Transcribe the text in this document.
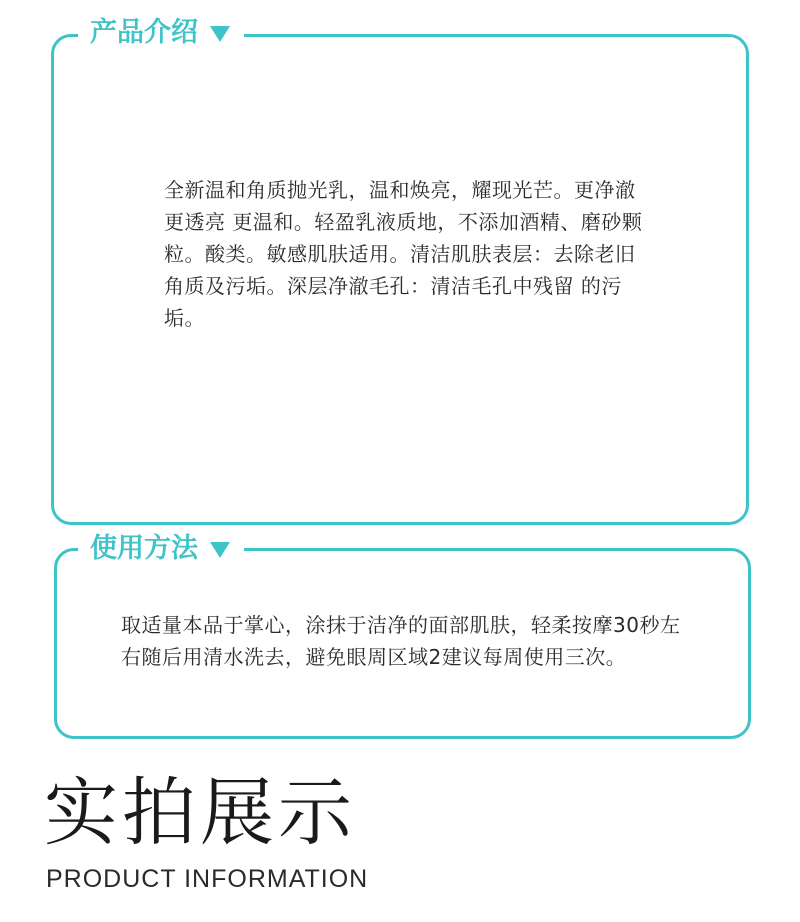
产品介绍
全新温和角质抛光乳，温和焕亮，耀现光芒。更净澈 更透亮 更温和。轻盈乳液质地，不添加酒精、磨砂颗粒。酸类。敏感肌肤适用。清洁肌肤表层：去除老旧角质及污垢。深层净澈毛孔：清洁毛孔中残留 的污垢。
使用方法
取适量本品于掌心，涂抹于洁净的面部肌肤，轻柔按摩30秒左右随后用清水洗去，避免眼周区域2建议每周使用三次。
实拍展示
PRODUCT INFORMATION
